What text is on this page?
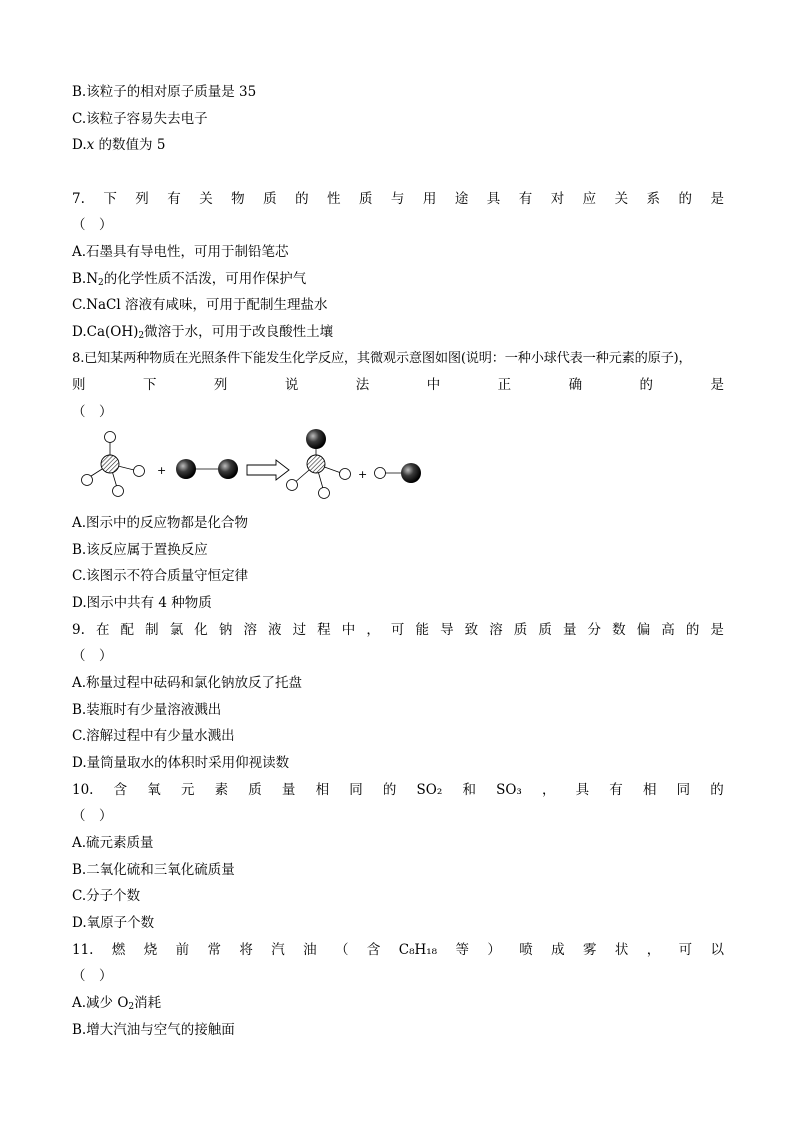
B.该粒子的相对原子质量是 35
C.该粒子容易失去电子
D.x 的数值为 5
7. 下 列 有 关 物 质 的 性 质 与 用 途 具 有 对 应 关 系 的 是
（　）
A.石墨具有导电性，可用于制铅笔芯
$B.N_2$的化学性质不活泼，可用作保护气
C.NaCl 溶液有咸味，可用于配制生理盐水
$D.Ca(OH)_2$微溶于水，可用于改良酸性土壤
8.已知某两种物质在光照条件下能发生化学反应，其微观示意图如图(说明：一种小球代表一种元素的原子)，
则	下	列	说	法	中	正	确	的	是
（　）
+	+
A.图示中的反应物都是化合物
B.该反应属于置换反应
C.该图示不符合质量守恒定律
D.图示中共有 4 种物质
9. 在 配 制 氯 化 钠 溶 液 过 程 中 ， 可 能 导 致 溶 质 质 量 分 数 偏 高 的 是
（　）
A.称量过程中砝码和氯化钠放反了托盘
B.装瓶时有少量溶液溅出
C.溶解过程中有少量水溅出
D.量筒量取水的体积时采用仰视读数
10. 含 氧 元 素 质 量 相 同 的 SO₂ 和 SO₃ ， 具 有 相 同 的
（　）
A.硫元素质量
B.二氧化硫和三氧化硫质量
C.分子个数
D.氧原子个数
11. 燃 烧 前 常 将 汽 油 （ 含 C₈H₁₈ 等 ） 喷 成 雾 状 ， 可 以
（　）
A.减少 $O_2$消耗
B.增大汽油与空气的接触面
